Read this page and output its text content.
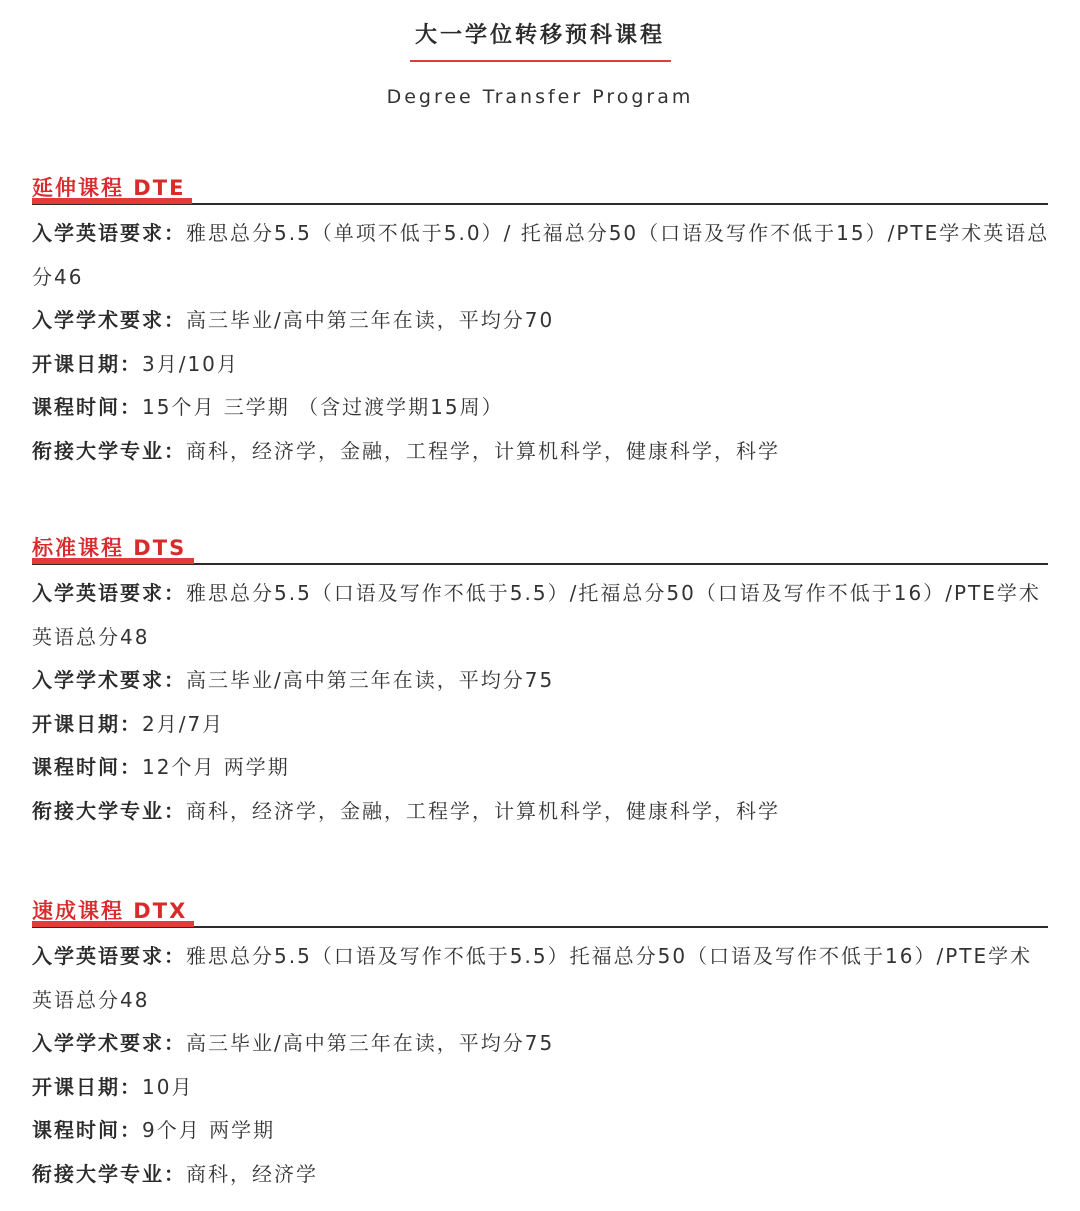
大一学位转移预科课程
Degree Transfer Program
延伸课程 DTE
入学英语要求：雅思总分5.5（单项不低于5.0）/ 托福总分50（口语及写作不低于15）/PTE学术英语总分46
入学学术要求：高三毕业/高中第三年在读，平均分70
开课日期：3月/10月
课程时间：15个月 三学期 （含过渡学期15周）
衔接大学专业：商科，经济学，金融，工程学，计算机科学，健康科学，科学
标准课程 DTS
入学英语要求：雅思总分5.5（口语及写作不低于5.5）/托福总分50（口语及写作不低于16）/PTE学术英语总分48
入学学术要求：高三毕业/高中第三年在读，平均分75
开课日期：2月/7月
课程时间：12个月 两学期
衔接大学专业：商科，经济学，金融，工程学，计算机科学，健康科学，科学
速成课程 DTX
入学英语要求：雅思总分5.5（口语及写作不低于5.5）托福总分50（口语及写作不低于16）/PTE学术英语总分48
入学学术要求：高三毕业/高中第三年在读，平均分75
开课日期：10月
课程时间：9个月 两学期
衔接大学专业：商科，经济学
